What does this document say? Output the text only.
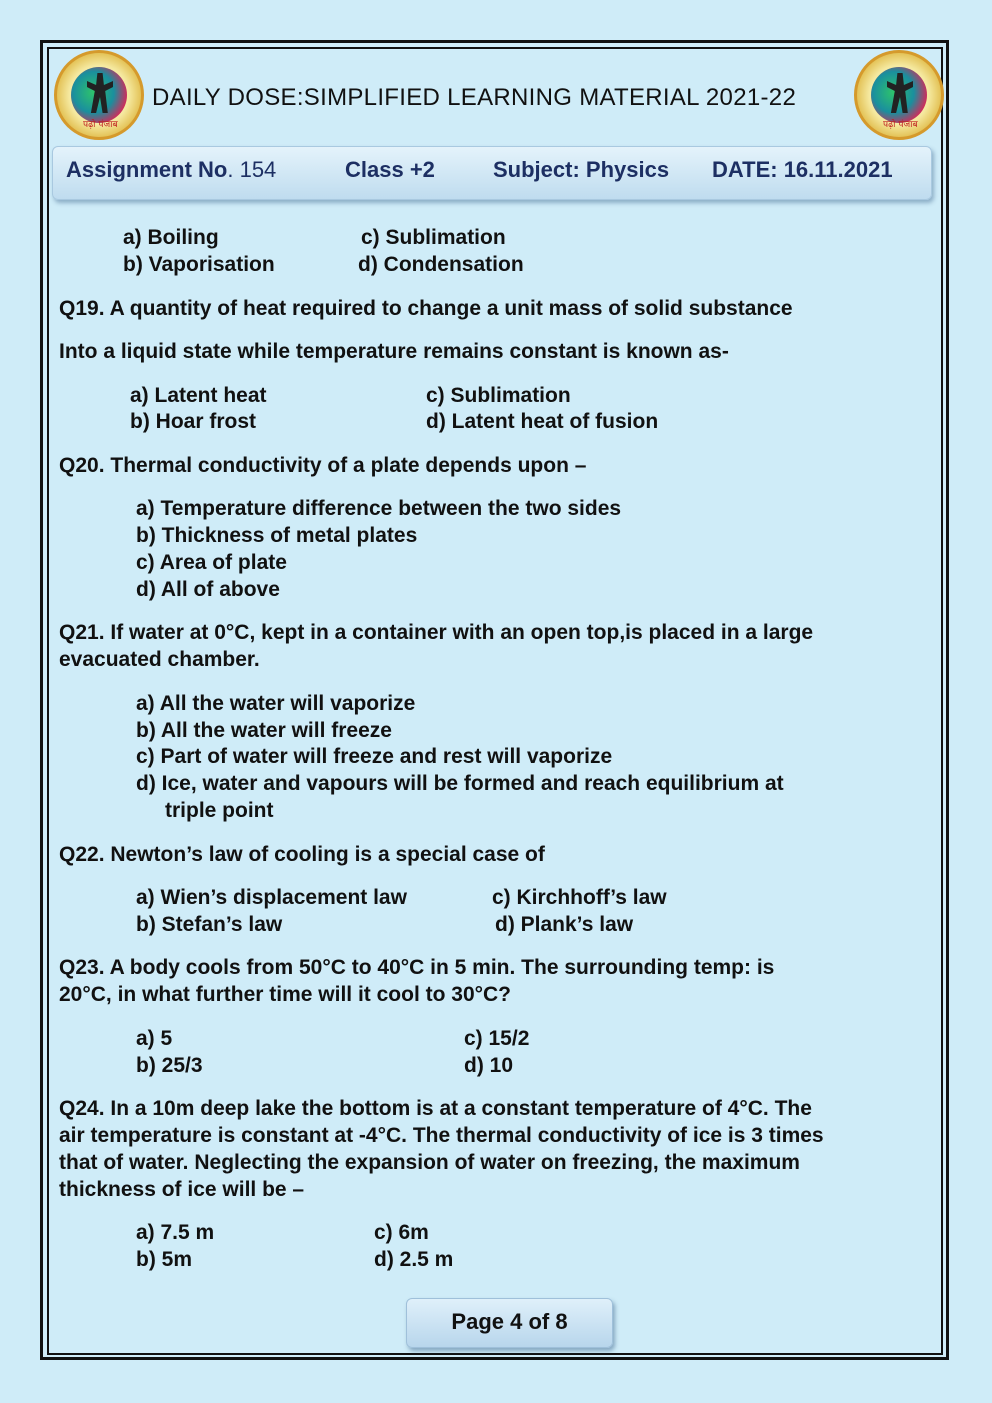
पढ़ो पंजाब	पढ़ो पंजाब
DAILY DOSE:SIMPLIFIED LEARNING MATERIAL 2021-22
Assignment No. 154	Class +2	Subject: Physics DATE: 16.11.2021
a) Boiling
b) Vaporisation
c) Sublimation
d) Condensation
Q19. A quantity of heat required to change a unit mass of solid substance
Into a liquid state while temperature remains constant is known as-
a) Latent heat
b) Hoar frost
c) Sublimation
d) Latent heat of fusion
Q20. Thermal conductivity of a plate depends upon –
a) Temperature difference between the two sides
b) Thickness of metal plates
c) Area of plate
d) All of above
Q21. If water at 0°C, kept in a container with an open top,is placed in a large
evacuated chamber.
a) All the water will vaporize
b) All the water will freeze
c) Part of water will freeze and rest will vaporize
d) Ice, water and vapours will be formed and reach equilibrium at
triple point
Q22. Newton’s law of cooling is a special case of
a) Wien’s displacement law
b) Stefan’s law
c) Kirchhoff’s law
d) Plank’s law
Q23. A body cools from 50°C to 40°C in 5 min. The surrounding temp: is
20°C, in what further time will it cool to 30°C?
a) 5
b) 25/3
c) 15/2
d) 10
Q24. In a 10m deep lake the bottom is at a constant temperature of 4°C. The
air temperature is constant at -4°C. The thermal conductivity of ice is 3 times
that of water. Neglecting the expansion of water on freezing, the maximum
thickness of ice will be –
a) 7.5 m
b) 5m
c) 6m
d) 2.5 m
Page 4 of 8
